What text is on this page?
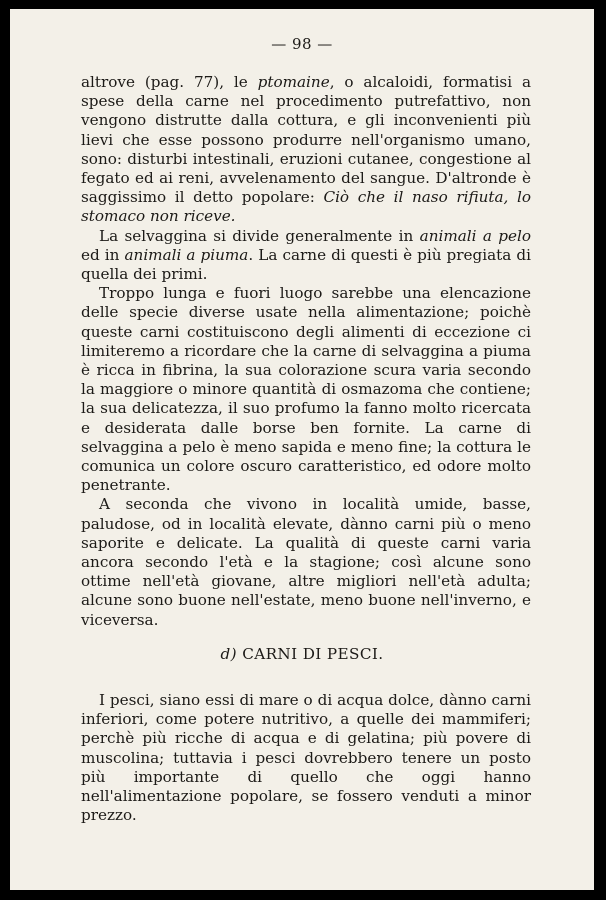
— 98 —

altrove (pag. 77), le ptomaine, o alcaloidi, formatisi a spese della carne nel procedimento putrefattivo, non vengono distrutte dalla cottura, e gli inconvenienti più lievi che esse possono produrre nell'organismo umano, sono: disturbi intestinali, eruzioni cutanee, congestione al fegato ed ai reni, avvelenamento del sangue. D'altronde è saggissimo il detto popolare: Ciò che il naso rifiuta, lo stomaco non riceve.

La selvaggina si divide generalmente in animali a pelo ed in animali a piuma. La carne di questi è più pregiata di quella dei primi.

Troppo lunga e fuori luogo sarebbe una elencazione delle specie diverse usate nella alimentazione; poichè queste carni costituiscono degli alimenti di eccezione ci limiteremo a ricordare che la carne di selvaggina a piuma è ricca in fibrina, la sua colorazione scura varia secondo la maggiore o minore quantità di osmazoma che contiene; la sua delicatezza, il suo profumo la fanno molto ricercata e desiderata dalle borse ben fornite. La carne di selvaggina a pelo è meno sapida e meno fine; la cottura le comunica un colore oscuro caratteristico, ed odore molto penetrante.

A seconda che vivono in località umide, basse, paludose, od in località elevate, dànno carni più o meno saporite e delicate. La qualità di queste carni varia ancora secondo l'età e la stagione; così alcune sono ottime nell'età giovane, altre migliori nell'età adulta; alcune sono buone nell'estate, meno buone nell'inverno, e viceversa.

d) CARNI DI PESCI.

I pesci, siano essi di mare o di acqua dolce, dànno carni inferiori, come potere nutritivo, a quelle dei mammiferi; perchè più ricche di acqua e di gelatina; più povere di muscolina; tuttavia i pesci dovrebbero tenere un posto più importante di quello che oggi hanno nell'alimentazione popolare, se fossero venduti a minor prezzo.
